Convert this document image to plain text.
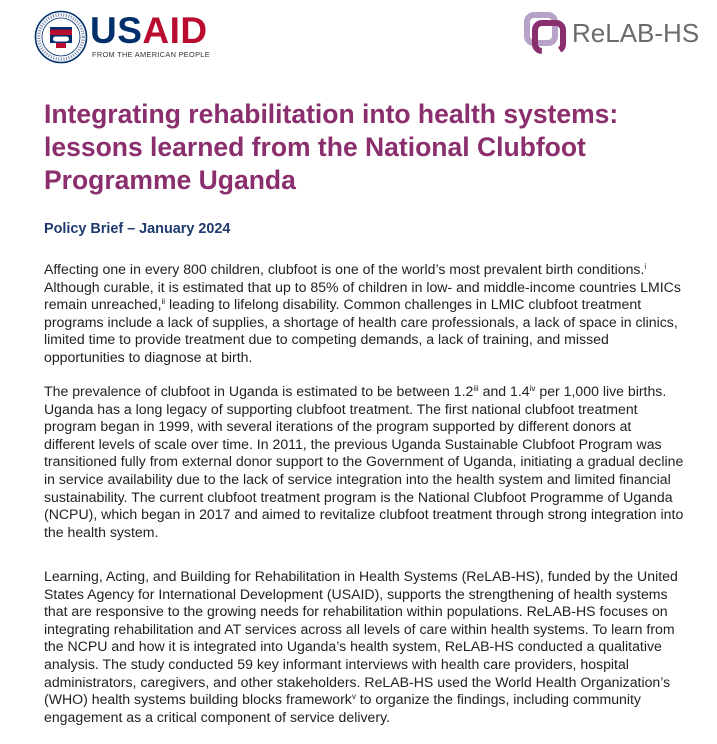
USAID
FROM THE AMERICAN PEOPLE
ReLAB-HS
Integrating rehabilitation into health systems: lessons learned from the National Clubfoot Programme Uganda
Policy Brief – January 2024

Affecting one in every 800 children, clubfoot is one of the world’s most prevalent birth conditions.$^i$ Although curable, it is estimated that up to 85% of children in low- and middle-income countries LMICs remain unreached,$^{ii}$ leading to lifelong disability. Common challenges in LMIC clubfoot treatment programs include a lack of supplies, a shortage of health care professionals, a lack of space in clinics, limited time to provide treatment due to competing demands, a lack of training, and missed opportunities to diagnose at birth.

The prevalence of clubfoot in Uganda is estimated to be between 1.2$^{iii}$ and 1.4$^{iv}$ per 1,000 live births. Uganda has a long legacy of supporting clubfoot treatment. The first national clubfoot treatment program began in 1999, with several iterations of the program supported by different donors at different levels of scale over time. In 2011, the previous Uganda Sustainable Clubfoot Program was transitioned fully from external donor support to the Government of Uganda, initiating a gradual decline in service availability due to the lack of service integration into the health system and limited financial sustainability. The current clubfoot treatment program is the National Clubfoot Programme of Uganda (NCPU), which began in 2017 and aimed to revitalize clubfoot treatment through strong integration into the health system.

Learning, Acting, and Building for Rehabilitation in Health Systems (ReLAB-HS), funded by the United States Agency for International Development (USAID), supports the strengthening of health systems that are responsive to the growing needs for rehabilitation within populations. ReLAB-HS focuses on integrating rehabilitation and AT services across all levels of care within health systems. To learn from the NCPU and how it is integrated into Uganda’s health system, ReLAB-HS conducted a qualitative analysis. The study conducted 59 key informant interviews with health care providers, hospital administrators, caregivers, and other stakeholders. ReLAB-HS used the World Health Organization’s (WHO) health systems building blocks framework$^v$ to organize the findings, including community engagement as a critical component of service delivery.
